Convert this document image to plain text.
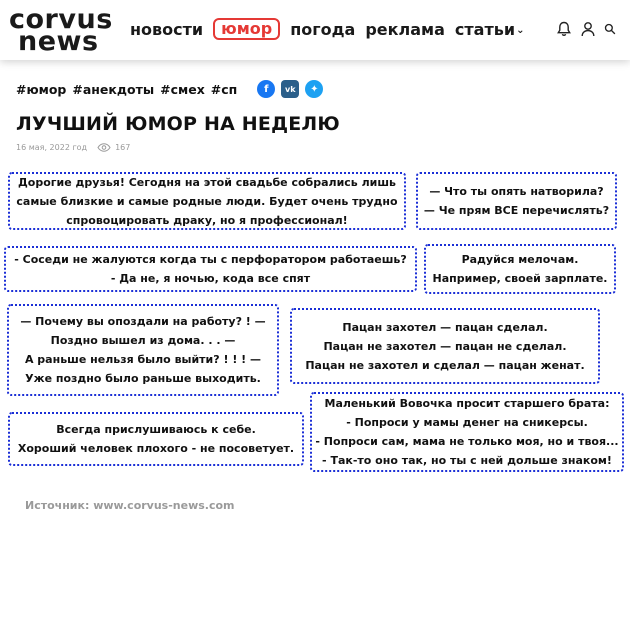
corvus
news	новости	юмор	погода реклама статьи⌄
#юмор #анекдоты #смех #сп	f	vk	✦
ЛУЧШИЙ ЮМОР НА НЕДЕЛЮ
16 мая, 2022 год	167
Дорогие друзья! Сегодня на этой свадьбе собрались лишь
самые близкие и самые родные люди. Будет очень трудно
спровоцировать драку, но я профессионал!
— Что ты опять натворила?
— Че прям ВСЕ перечислять?
- Соседи не жалуются когда ты с перфоратором работаешь?
- Да не, я ночью, кода все спят
Радуйся мелочам.
Например, своей зарплате.
— Почему вы опоздали на работу? ! —
Поздно вышел из дома. . . —
А раньше нельзя было выйти? ! ! ! —
Уже поздно было раньше выходить.
Пацан захотел — пацан сделал.
Пацан не захотел — пацан не сделал.
Пацан не захотел и сделал — пацан женат.
Всегда прислушиваюсь к себе.
Хороший человек плохого - не посоветует.
Маленький Вовочка просит старшего брата:
- Попроси у мамы денег на сникерсы.
- Попроси сам, мама не только моя, но и твоя...
- Так-то оно так, но ты с ней дольше знаком!
Источник: www.corvus-news.com
